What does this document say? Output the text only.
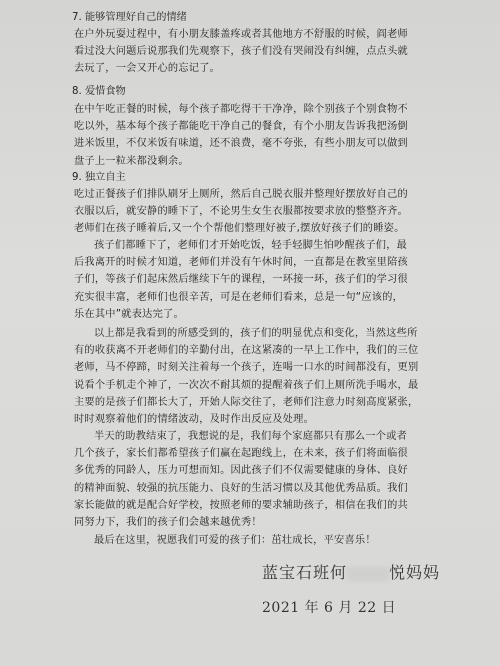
7. 能够管理好自己的情绪
在户外玩耍过程中，有小朋友膝盖疼或者其他地方不舒服的时候，阎老师
看过没大问题后说那我们先观察下，孩子们没有哭闹没有纠缠，点点头就
去玩了，一会又开心的忘记了。
8. 爱惜食物
在中午吃正餐的时候，每个孩子都吃得干干净净，除个别孩子个别食物不
吃以外，基本每个孩子都能吃干净自己的餐食，有个小朋友告诉我把汤倒
进米饭里，不仅米饭有味道，还不浪费，毫不夸张，有些小朋友可以做到
盘子上一粒米都没剩余。
9. 独立自主
吃过正餐孩子们排队刷牙上厕所，然后自己脱衣服并整理好摆放好自己的
衣服以后，就安静的睡下了，不论男生女生衣服都按要求放的整整齐齐。
老师们在孩子睡着后,又一个个帮他们整理好被子,摆放好孩子们的睡姿。
孩子们都睡下了，老师们才开始吃饭，轻手轻脚生怕吵醒孩子们，最
后我离开的时候才知道，老师们并没有午休时间，一直都是在教室里陪孩
子们，等孩子们起床然后继续下午的课程，一环接一环，孩子们的学习很
充实很丰富，老师们也很辛苦，可是在老师们看来，总是一句“应该的，
乐在其中”就表达完了。
以上都是我看到的所感受到的，孩子们的明显优点和变化，当然这些所
有的收获离不开老师们的辛勤付出，在这紧凑的一早上工作中，我们的三位
老师，马不停蹄，时刻关注着每一个孩子，连喝一口水的时间都没有，更别
说看个手机走个神了，一次次不耐其烦的提醒着孩子们上厕所洗手喝水，最
主要的是孩子们都长大了，开始人际交往了，老师们注意力时刻高度紧张，
时时观察着他们的情绪波动，及时作出反应及处理。
半天的助教结束了，我想说的是，我们每个家庭都只有那么一个或者
几个孩子，家长们都希望孩子们赢在起跑线上，在未来，孩子们将面临很
多优秀的同龄人，压力可想而知。因此孩子们不仅需要健康的身体、良好
的精神面貌、较强的抗压能力、良好的生活习惯以及其他优秀品质。我们
家长能做的就是配合好学校，按照老师的要求辅助孩子，相信在我们的共
同努力下，我们的孩子们会越来越优秀！
最后在这里，祝愿我们可爱的孩子们：茁壮成长，平安喜乐！
蓝宝石班何	悦妈妈
2021 年 6 月 22 日
